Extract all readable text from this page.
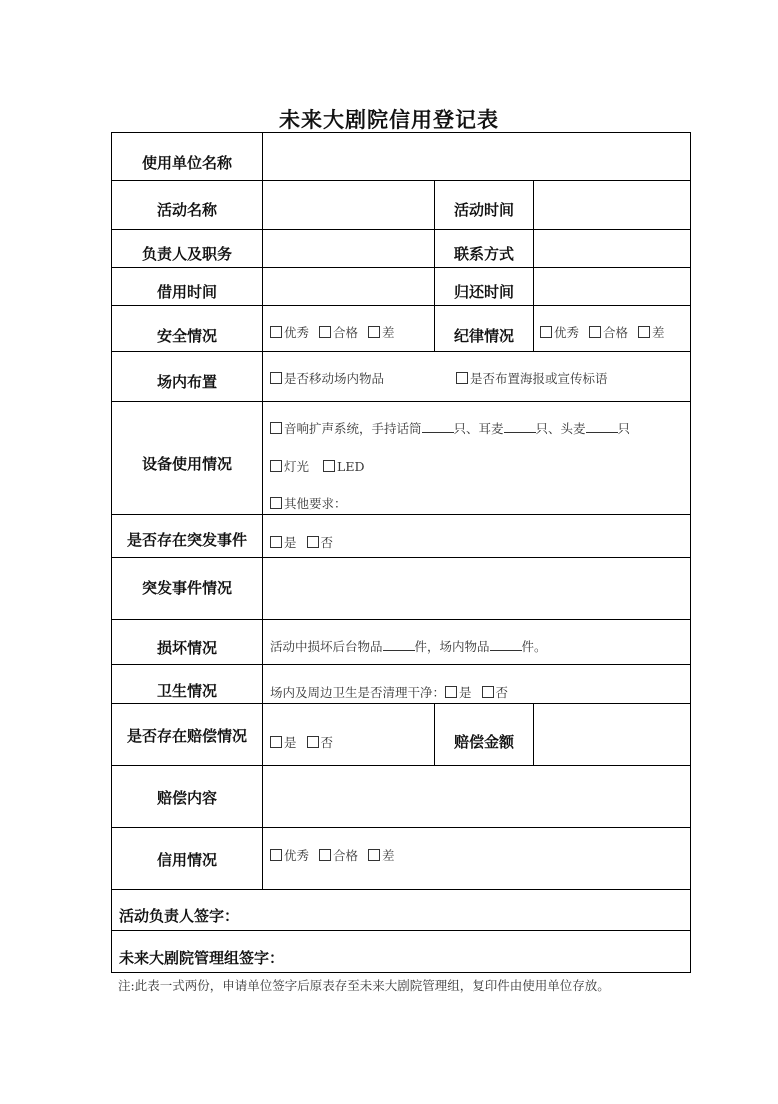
未来大剧院信用登记表
使用单位名称
活动名称	活动时间
负责人及职务	联系方式
借用时间	归还时间
安全情况	优秀 合格 差	纪律情况	优秀 合格 差
场内布置	是否移动场内物品	是否布置海报或宣传标语
设备使用情况
音响扩声系统，手持话筒	只、耳麦	只、头麦	只
灯光 LED
其他要求：
是否存在突发事件	是 否
突发事件情况
损坏情况	活动中损坏后台物品	件，场内物品	件。
卫生情况	场内及周边卫生是否清理干净： 是 否
是否存在赔偿情况	是 否	赔偿金额
赔偿内容
信用情况	优秀 合格 差
活动负责人签字：
未来大剧院管理组签字：
注:此表一式两份，申请单位签字后原表存至未来大剧院管理组，复印件由使用单位存放。
